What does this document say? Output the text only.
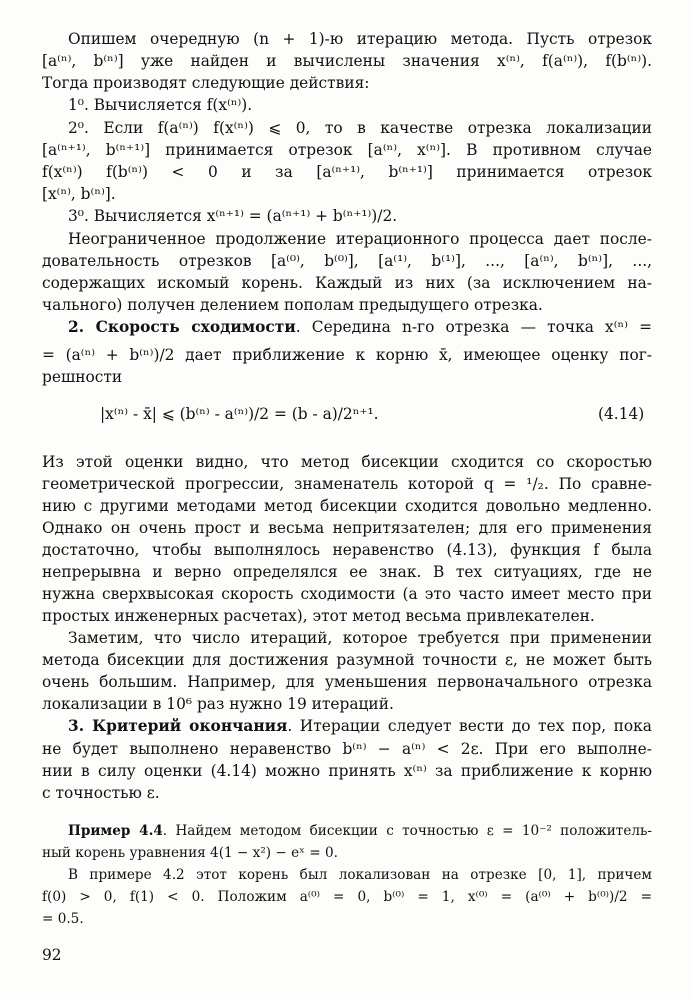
Опишем очередную (n + 1)-ю итерацию метода. Пусть отрезок
[a⁽ⁿ⁾, b⁽ⁿ⁾] уже найден и вычислены значения x⁽ⁿ⁾, f(a⁽ⁿ⁾), f(b⁽ⁿ⁾).
Тогда производят следующие действия:
1⁰. Вычисляется f(x⁽ⁿ⁾).
2⁰. Если f(a⁽ⁿ⁾) f(x⁽ⁿ⁾) ⩽ 0, то в качестве отрезка локализации
[a⁽ⁿ⁺¹⁾, b⁽ⁿ⁺¹⁾] принимается отрезок [a⁽ⁿ⁾, x⁽ⁿ⁾]. В противном случае
f(x⁽ⁿ⁾) f(b⁽ⁿ⁾) < 0 и за [a⁽ⁿ⁺¹⁾, b⁽ⁿ⁺¹⁾] принимается отрезок
[x⁽ⁿ⁾, b⁽ⁿ⁾].
3⁰. Вычисляется x⁽ⁿ⁺¹⁾ = (a⁽ⁿ⁺¹⁾ + b⁽ⁿ⁺¹⁾)/2.
Неограниченное продолжение итерационного процесса дает после-
довательность отрезков [a⁽⁰⁾, b⁽⁰⁾], [a⁽¹⁾, b⁽¹⁾], ..., [a⁽ⁿ⁾, b⁽ⁿ⁾], ...,
содержащих искомый корень. Каждый из них (за исключением на-
чального) получен делением пополам предыдущего отрезка.
2. Скорость сходимости. Середина n-го отрезка — точка x⁽ⁿ⁾ =
= (a⁽ⁿ⁾ + b⁽ⁿ⁾)/2 дает приближение к корню x̄, имеющее оценку пог-
решности
|x⁽ⁿ⁾ - x̄| ⩽ (b⁽ⁿ⁾ - a⁽ⁿ⁾)/2 = (b - a)/2ⁿ⁺¹.	(4.14)
Из этой оценки видно, что метод бисекции сходится со скоростью
геометрической прогрессии, знаменатель которой q = ¹/₂. По сравне-
нию с другими методами метод бисекции сходится довольно медленно.
Однако он очень прост и весьма непритязателен; для его применения
достаточно, чтобы выполнялось неравенство (4.13), функция f была
непрерывна и верно определялся ее знак. В тех ситуациях, где не
нужна сверхвысокая скорость сходимости (а это часто имеет место при
простых инженерных расчетах), этот метод весьма привлекателен.
Заметим, что число итераций, которое требуется при применении
метода бисекции для достижения разумной точности ε, не может быть
очень большим. Например, для уменьшения первоначального отрезка
локализации в 10⁶ раз нужно 19 итераций.
3. Критерий окончания. Итерации следует вести до тех пор, пока
не будет выполнено неравенство b⁽ⁿ⁾ − a⁽ⁿ⁾ < 2ε. При его выполне-
нии в силу оценки (4.14) можно принять x⁽ⁿ⁾ за приближение к корню
с точностью ε.
Пример 4.4. Найдем методом бисекции с точностью ε = 10⁻² положитель-
ный корень уравнения 4(1 − x²) − eˣ = 0.
В примере 4.2 этот корень был локализован на отрезке [0, 1], причем
f(0) > 0, f(1) < 0. Положим a⁽⁰⁾ = 0, b⁽⁰⁾ = 1, x⁽⁰⁾ = (a⁽⁰⁾ + b⁽⁰⁾)/2 =
= 0.5.
92
